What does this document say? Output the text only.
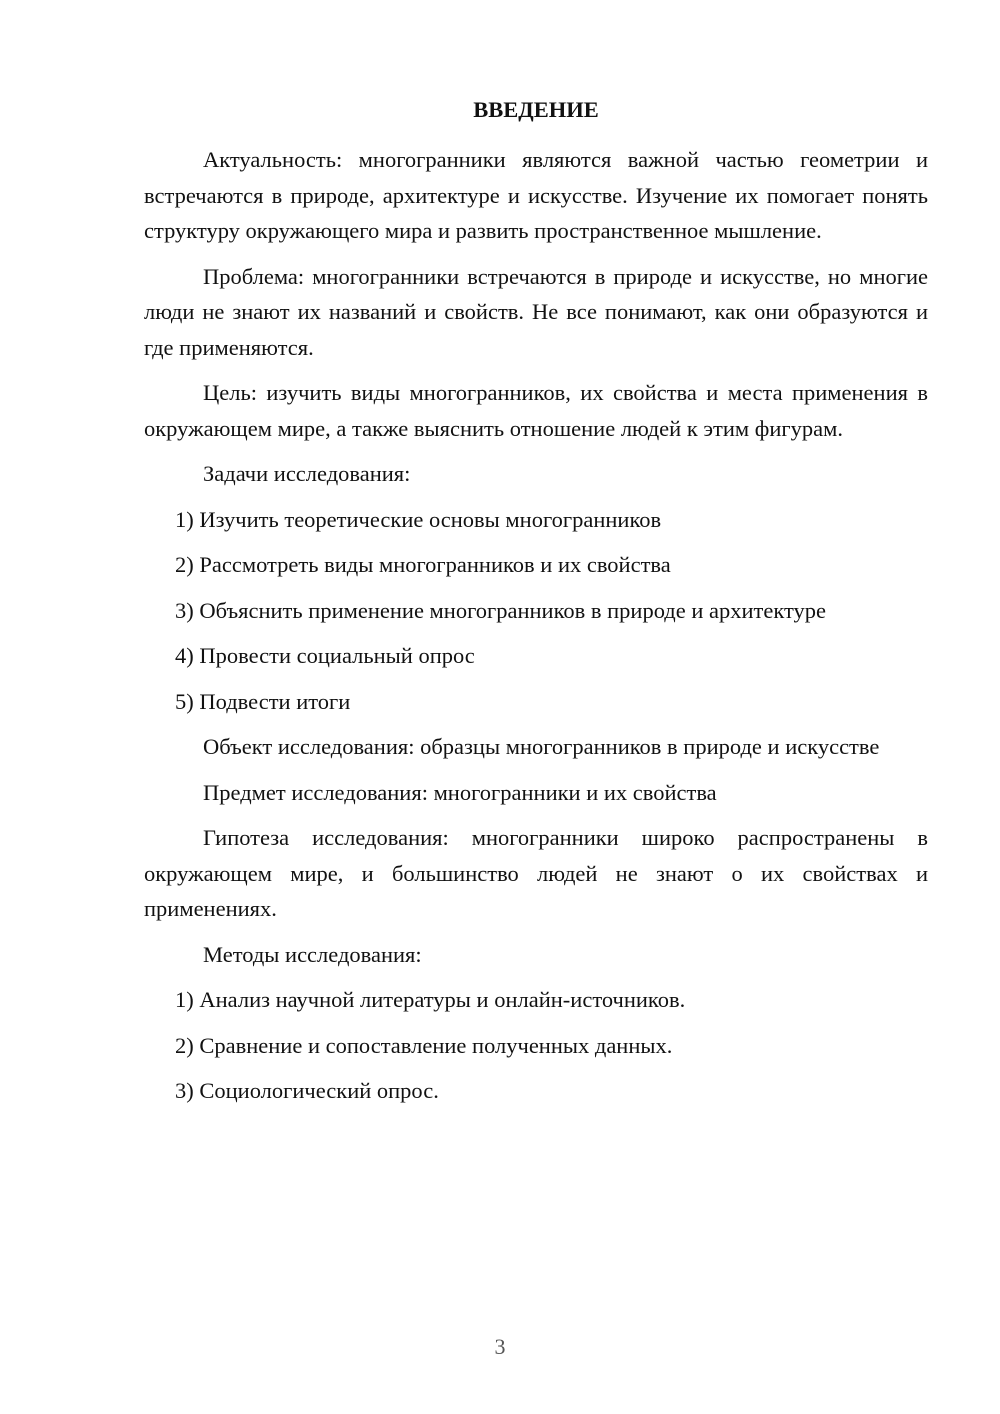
ВВЕДЕНИЕ

Актуальность: многогранники являются важной частью геометрии и встречаются в природе, архитектуре и искусстве. Изучение их помогает понять структуру окружающего мира и развить пространственное мышление.

Проблема: многогранники встречаются в природе и искусстве, но многие люди не знают их названий и свойств. Не все понимают, как они образуются и где применяются.

Цель: изучить виды многогранников, их свойства и места применения в окружающем мире, а также выяснить отношение людей к этим фигурам.

Задачи исследования:

1) Изучить теоретические основы многогранников

2) Рассмотреть виды многогранников и их свойства

3) Объяснить применение многогранников в природе и архитектуре

4) Провести социальный опрос

5) Подвести итоги

Объект исследования: образцы многогранников в природе и искусстве

Предмет исследования: многогранники и их свойства

Гипотеза исследования: многогранники широко распространены в окружающем мире, и большинство людей не знают о их свойствах и применениях.

Методы исследования:

1) Анализ научной литературы и онлайн-источников.

2) Сравнение и сопоставление полученных данных.

3) Социологический опрос.

3
